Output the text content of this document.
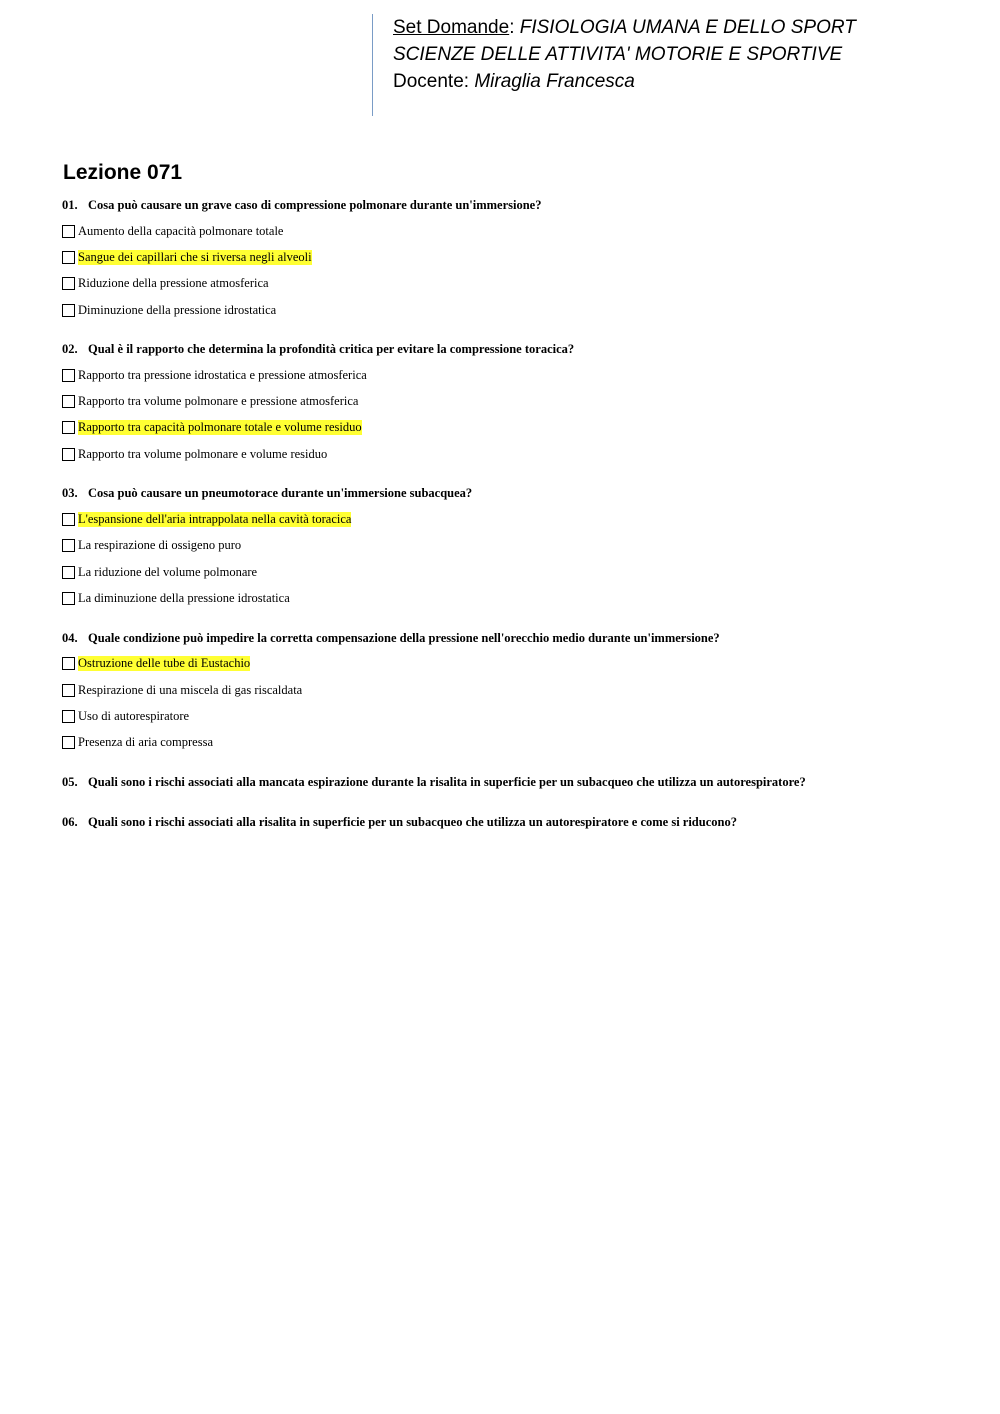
Set Domande: FISIOLOGIA UMANA E DELLO SPORT
SCIENZE DELLE ATTIVITA' MOTORIE E SPORTIVE
Docente: Miraglia Francesca
Lezione 071

01. Cosa può causare un grave caso di compressione polmonare durante un'immersione?

Aumento della capacità polmonare totale
Sangue dei capillari che si riversa negli alveoli
Riduzione della pressione atmosferica
Diminuzione della pressione idrostatica

02. Qual è il rapporto che determina la profondità critica per evitare la compressione toracica?

Rapporto tra pressione idrostatica e pressione atmosferica
Rapporto tra volume polmonare e pressione atmosferica
Rapporto tra capacità polmonare totale e volume residuo
Rapporto tra volume polmonare e volume residuo

03. Cosa può causare un pneumotorace durante un'immersione subacquea?

L'espansione dell'aria intrappolata nella cavità toracica
La respirazione di ossigeno puro
La riduzione del volume polmonare
La diminuzione della pressione idrostatica

04. Quale condizione può impedire la corretta compensazione della pressione nell'orecchio medio durante un'immersione?

Ostruzione delle tube di Eustachio
Respirazione di una miscela di gas riscaldata
Uso di autorespiratore
Presenza di aria compressa

05. Quali sono i rischi associati alla mancata espirazione durante la risalita in superficie per un subacqueo che utilizza un autorespiratore?

06. Quali sono i rischi associati alla risalita in superficie per un subacqueo che utilizza un autorespiratore e come si riducono?
